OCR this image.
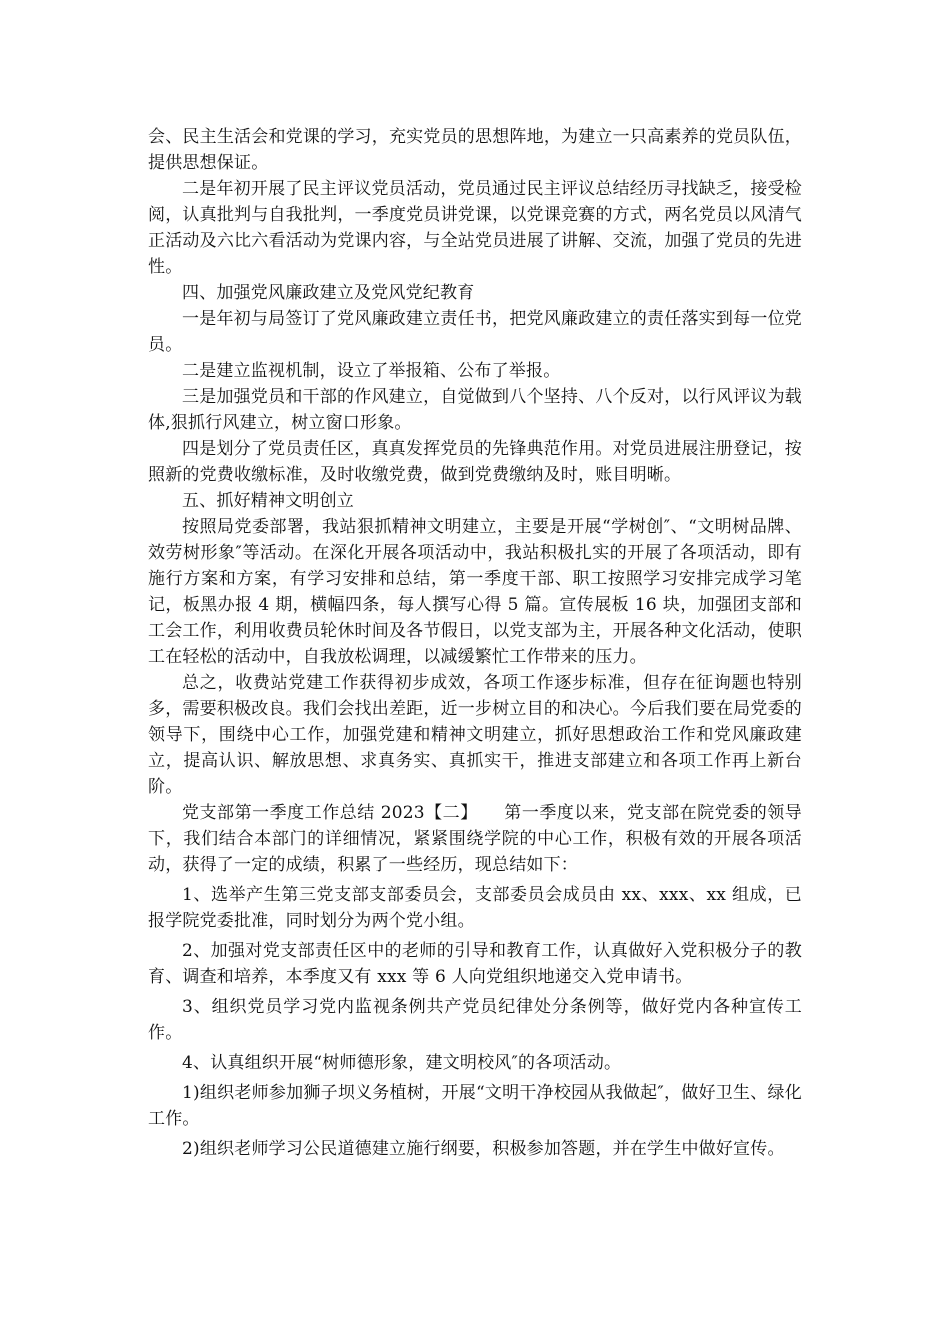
会、民主生活会和党课的学习，充实党员的思想阵地，为建立一只高素养的党员队伍，提供思想保证。

二是年初开展了民主评议党员活动，党员通过民主评议总结经历寻找缺乏，接受检阅，认真批判与自我批判，一季度党员讲党课，以党课竞赛的方式，两名党员以风清气正活动及六比六看活动为党课内容，与全站党员进展了讲解、交流，加强了党员的先进性。

四、加强党风廉政建立及党风党纪教育

一是年初与局签订了党风廉政建立责任书，把党风廉政建立的责任落实到每一位党员。

二是建立监视机制，设立了举报箱、公布了举报。

三是加强党员和干部的作风建立，自觉做到八个坚持、八个反对，以行风评议为载体,狠抓行风建立，树立窗口形象。

四是划分了党员责任区，真真发挥党员的先锋典范作用。对党员进展注册登记，按照新的党费收缴标准，及时收缴党费，做到党费缴纳及时，账目明晰。

五、抓好精神文明创立

按照局党委部署，我站狠抓精神文明建立，主要是开展“学树创″、“文明树品牌、效劳树形象″等活动。在深化开展各项活动中，我站积极扎实的开展了各项活动，即有施行方案和方案，有学习安排和总结，第一季度干部、职工按照学习安排完成学习笔记，板黑办报 4 期，横幅四条，每人撰写心得 5 篇。宣传展板 16 块，加强团支部和工会工作，利用收费员轮休时间及各节假日，以党支部为主，开展各种文化活动，使职工在轻松的活动中，自我放松调理，以减缓繁忙工作带来的压力。

总之，收费站党建工作获得初步成效，各项工作逐步标准，但存在征询题也特别多，需要积极改良。我们会找出差距，近一步树立目的和决心。今后我们要在局党委的领导下，围绕中心工作，加强党建和精神文明建立，抓好思想政治工作和党风廉政建立，提高认识、解放思想、求真务实、真抓实干，推进支部建立和各项工作再上新台阶。

党支部第一季度工作总结 2023【二】　　第一季度以来，党支部在院党委的领导下，我们结合本部门的详细情况，紧紧围绕学院的中心工作，积极有效的开展各项活动，获得了一定的成绩，积累了一些经历，现总结如下：

1、选举产生第三党支部支部委员会，支部委员会成员由 xx、xxx、xx 组成，已报学院党委批准，同时划分为两个党小组。

2、加强对党支部责任区中的老师的引导和教育工作，认真做好入党积极分子的教育、调查和培养，本季度又有 xxx 等 6 人向党组织地递交入党申请书。

3、组织党员学习党内监视条例共产党员纪律处分条例等，做好党内各种宣传工作。

4、认真组织开展“树师德形象，建文明校风″的各项活动。

1)组织老师参加狮子坝义务植树，开展“文明干净校园从我做起″，做好卫生、绿化工作。

2)组织老师学习公民道德建立施行纲要，积极参加答题，并在学生中做好宣传。
